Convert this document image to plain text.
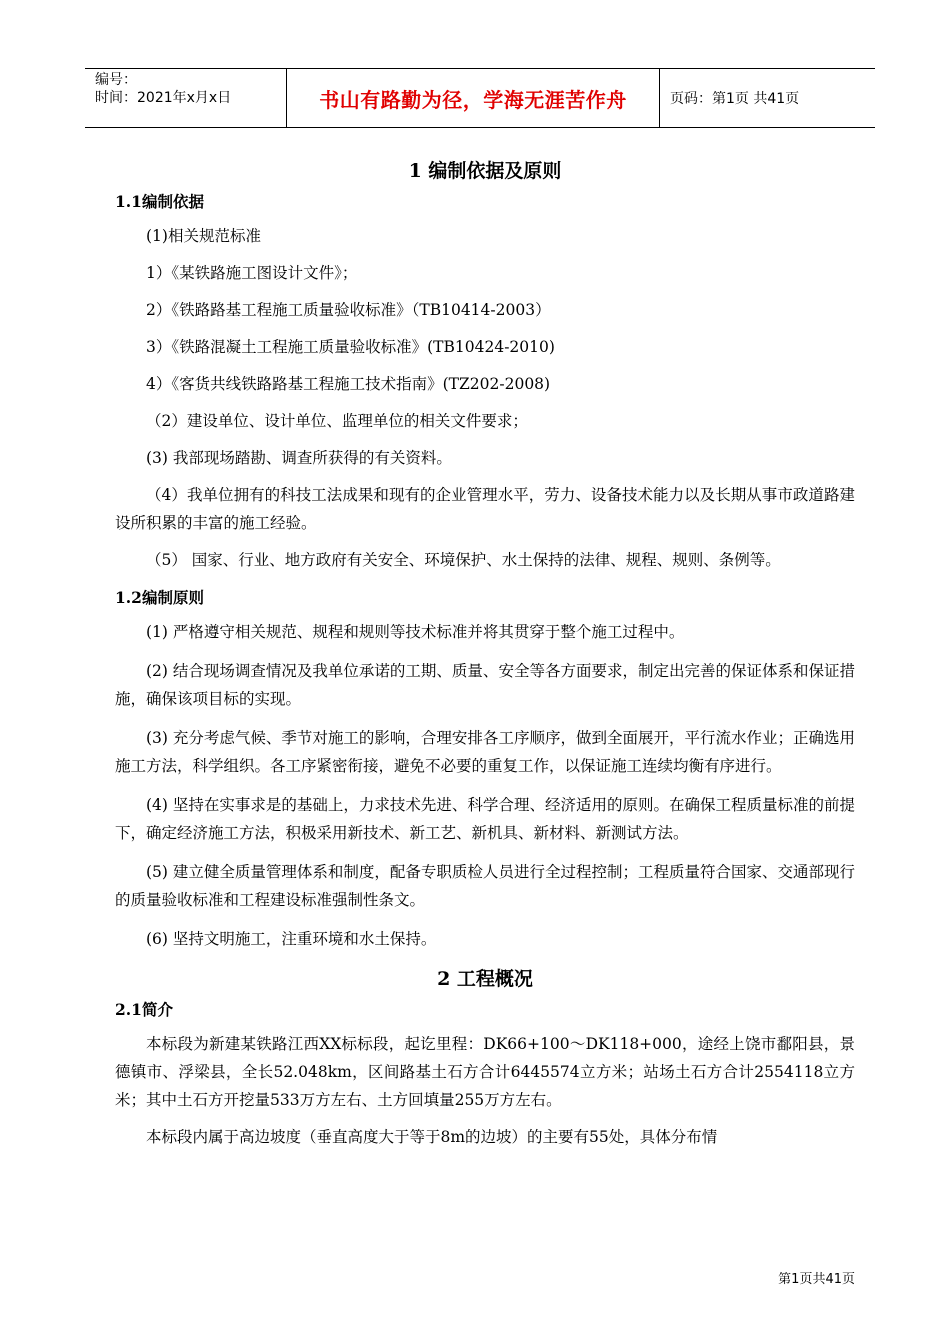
编号：
时间：2021年x月x日	书山有路勤为径，学海无涯苦作舟	页码：第1页 共41页
1 编制依据及原则
1.1编制依据
(1)相关规范标准
1）《某铁路施工图设计文件》；
2）《铁路路基工程施工质量验收标准》（TB10414-2003）
3）《铁路混凝土工程施工质量验收标准》(TB10424-2010)
4）《客货共线铁路路基工程施工技术指南》(TZ202-2008)
（2）建设单位、设计单位、监理单位的相关文件要求；
(3) 我部现场踏勘、调查所获得的有关资料。
（4）我单位拥有的科技工法成果和现有的企业管理水平，劳力、设备技术能力以及长期从事市政道路建设所积累的丰富的施工经验。
（5） 国家、行业、地方政府有关安全、环境保护、水土保持的法律、规程、规则、条例等。
1.2编制原则
(1) 严格遵守相关规范、规程和规则等技术标准并将其贯穿于整个施工过程中。
(2) 结合现场调查情况及我单位承诺的工期、质量、安全等各方面要求，制定出完善的保证体系和保证措施，确保该项目标的实现。
(3) 充分考虑气候、季节对施工的影响，合理安排各工序顺序，做到全面展开，平行流水作业；正确选用施工方法，科学组织。各工序紧密衔接，避免不必要的重复工作，以保证施工连续均衡有序进行。
(4) 坚持在实事求是的基础上，力求技术先进、科学合理、经济适用的原则。在确保工程质量标准的前提下，确定经济施工方法，积极采用新技术、新工艺、新机具、新材料、新测试方法。
(5) 建立健全质量管理体系和制度，配备专职质检人员进行全过程控制；工程质量符合国家、交通部现行的质量验收标准和工程建设标准强制性条文。
(6) 坚持文明施工，注重环境和水土保持。
2 工程概况
2.1简介
本标段为新建某铁路江西XX标标段，起讫里程：DK66+100～DK118+000，途经上饶市鄱阳县，景德镇市、浮梁县，全长52.048km，区间路基土石方合计6445574立方米；站场土石方合计2554118立方米；其中土石方开挖量533万方左右、土方回填量255万方左右。
本标段内属于高边坡度（垂直高度大于等于8m的边坡）的主要有55处，具体分布情
第1页共41页
